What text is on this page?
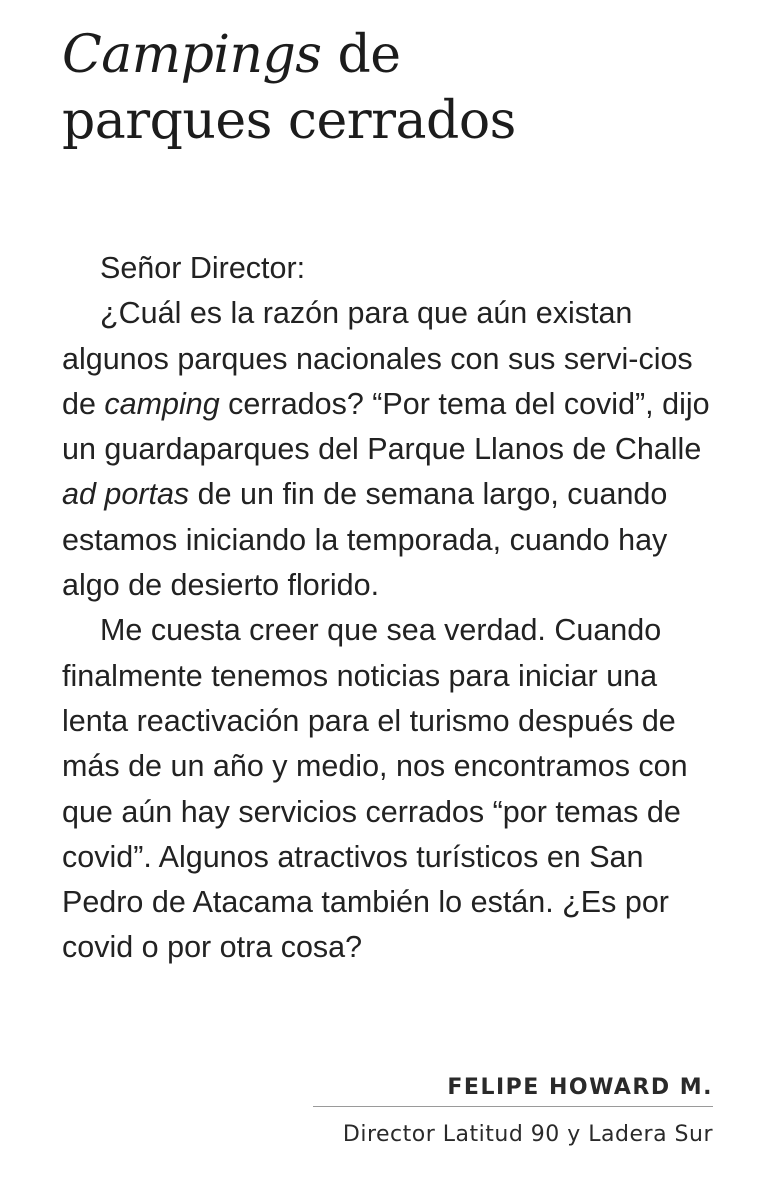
Campings de
parques cerrados

Señor Director:

¿Cuál es la razón para que aún existan algunos parques nacionales con sus servi-cios de camping cerrados? “Por tema del covid”, dijo un guardaparques del Parque Llanos de Challe ad portas de un fin de semana largo, cuando estamos iniciando la temporada, cuando hay algo de desierto florido.

Me cuesta creer que sea verdad. Cuando finalmente tenemos noticias para iniciar una lenta reactivación para el turismo después de más de un año y medio, nos encontramos con que aún hay servicios cerrados “por temas de covid”. Algunos atractivos turísticos en San Pedro de Atacama también lo están. ¿Es por covid o por otra cosa?

FELIPE HOWARD M.
Director Latitud 90 y Ladera Sur
